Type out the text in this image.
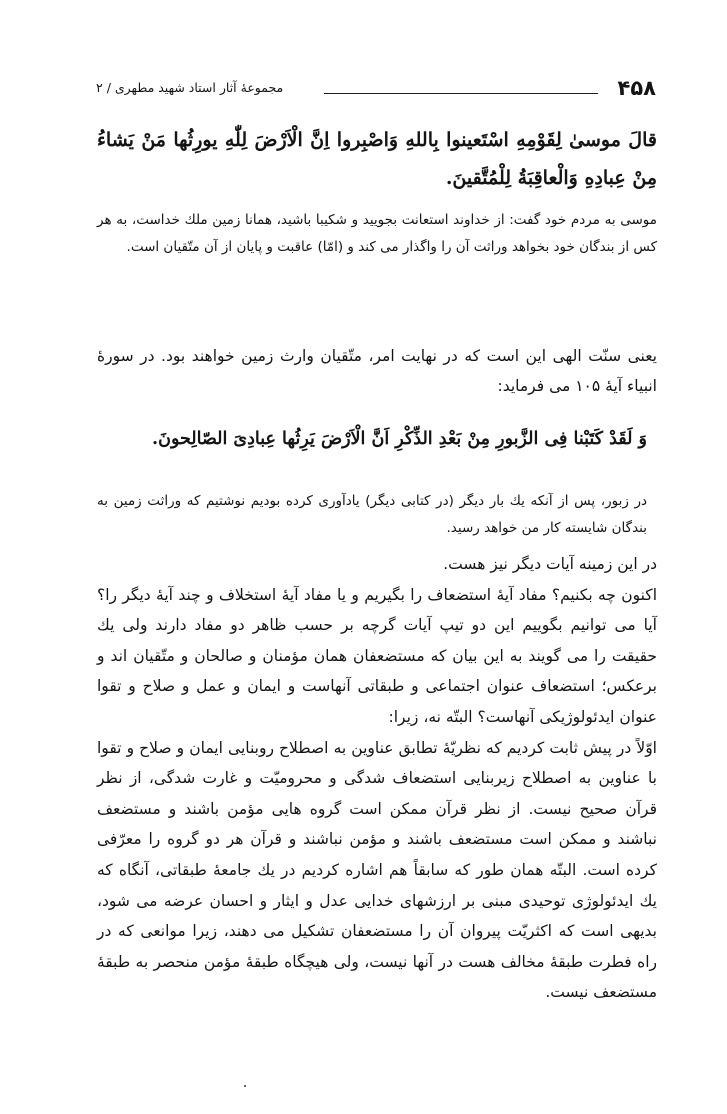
۴۵۸
مجموعهٔ آثار استاد شهید مطهری / ۲

قالَ موسیٰ لِقَوْمِهِ اسْتَعینوا بِاللهِ وَاصْبِروا اِنَّ الْاَرْضَ لِلّٰهِ یورِثُها مَنْ یَشاءُ مِنْ عِبادِهِ وَالْعاقِبَةُ لِلْمُتَّقینَ.

موسی به مردم خود گفت: از خداوند استعانت بجویید و شکیبا باشید، همانا زمین ملك خداست، به هر کس از بندگان خود بخواهد وراثت آن را واگذار می کند و (امّا) عاقبت و پایان از آن متّقیان است.

یعنی سنّت الهی این است که در نهایت امر، متّقیان وارث زمین خواهند بود. در سورهٔ انبیاء آیهٔ ۱۰۵ می فرماید:

وَ لَقَدْ کَتَبْنا فِی الزَّبورِ مِنْ بَعْدِ الذِّکْرِ اَنَّ الْاَرْضَ یَرِثُها عِبادِیَ الصّالِحونَ.

در زبور، پس از آنکه یك بار دیگر (در کتابی دیگر) یادآوری کرده بودیم نوشتیم که وراثت زمین به بندگان شایسته کار من خواهد رسید.

در این زمینه آیات دیگر نیز هست.

اکنون چه بکنیم؟ مفاد آیهٔ استضعاف را بگیریم و یا مفاد آیهٔ استخلاف و چند آیهٔ دیگر را؟ آیا می توانیم بگوییم این دو تیپ آیات گرچه بر حسب ظاهر دو مفاد دارند ولی یك حقیقت را می گویند به این بیان که مستضعفان همان مؤمنان و صالحان و متّقیان اند و برعکس؛ استضعاف عنوان اجتماعی و طبقاتی آنهاست و ایمان و عمل و صلاح و تقوا عنوان ایدئولوژیکی آنهاست؟ البتّه نه، زیرا:

اوّلاً در پیش ثابت کردیم که نظریّهٔ تطابق عناوین به اصطلاح روبنایی ایمان و صلاح و تقوا با عناوین به اصطلاح زیربنایی استضعاف شدگی و محرومیّت و غارت شدگی، از نظر قرآن صحیح نیست. از نظر قرآن ممکن است گروه هایی مؤمن باشند و مستضعف نباشند و ممکن است مستضعف باشند و مؤمن نباشند و قرآن هر دو گروه را معرّفی کرده است. البتّه همان طور که سابقاً هم اشاره کردیم در یك جامعهٔ طبقاتی، آنگاه که یك ایدئولوژی توحیدی مبنی بر ارزشهای خدایی عدل و ایثار و احسان عرضه می شود، بدیهی است که اکثریّت پیروان آن را مستضعفان تشکیل می دهند، زیرا موانعی که در راه فطرت طبقهٔ مخالف هست در آنها نیست، ولی هیچگاه طبقهٔ مؤمن منحصر به طبقهٔ مستضعف نیست.
